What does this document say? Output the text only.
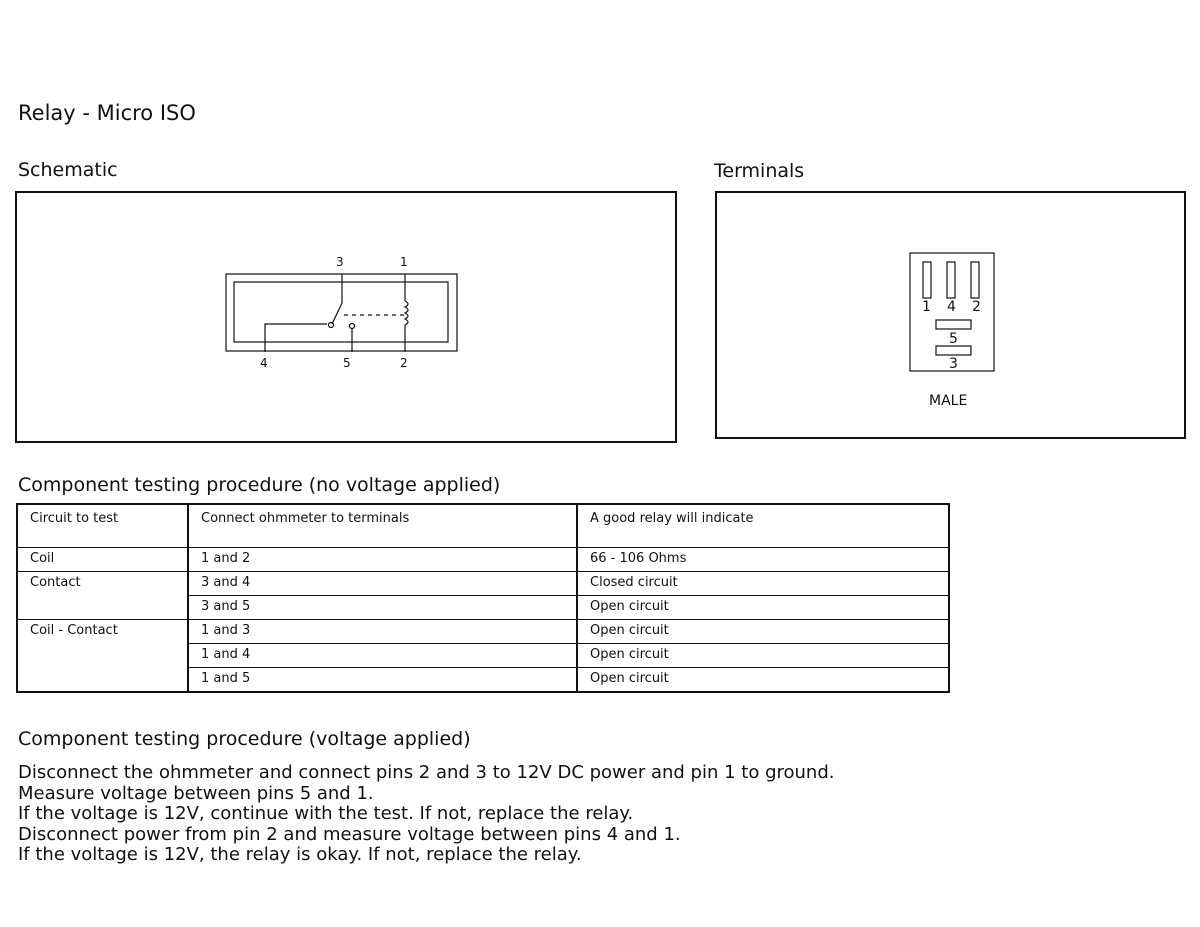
Relay - Micro ISO
Schematic	Terminals
3	1
4	5	2
1 4 2
5
3
MALE
Component testing procedure (no voltage applied)
Circuit to test	Connect ohmmeter to terminals	A good relay will indicate
Coil	1 and 2	66 - 106 Ohms
Contact	3 and 4	Closed circuit
	3 and 5	Open circuit
Coil - Contact	1 and 3	Open circuit
	1 and 4	Open circuit
	1 and 5	Open circuit
Component testing procedure (voltage applied)
Disconnect the ohmmeter and connect pins 2 and 3 to 12V DC power and pin 1 to ground.
Measure voltage between pins 5 and 1.
If the voltage is 12V, continue with the test. If not, replace the relay.
Disconnect power from pin 2 and measure voltage between pins 4 and 1.
If the voltage is 12V, the relay is okay. If not, replace the relay.
